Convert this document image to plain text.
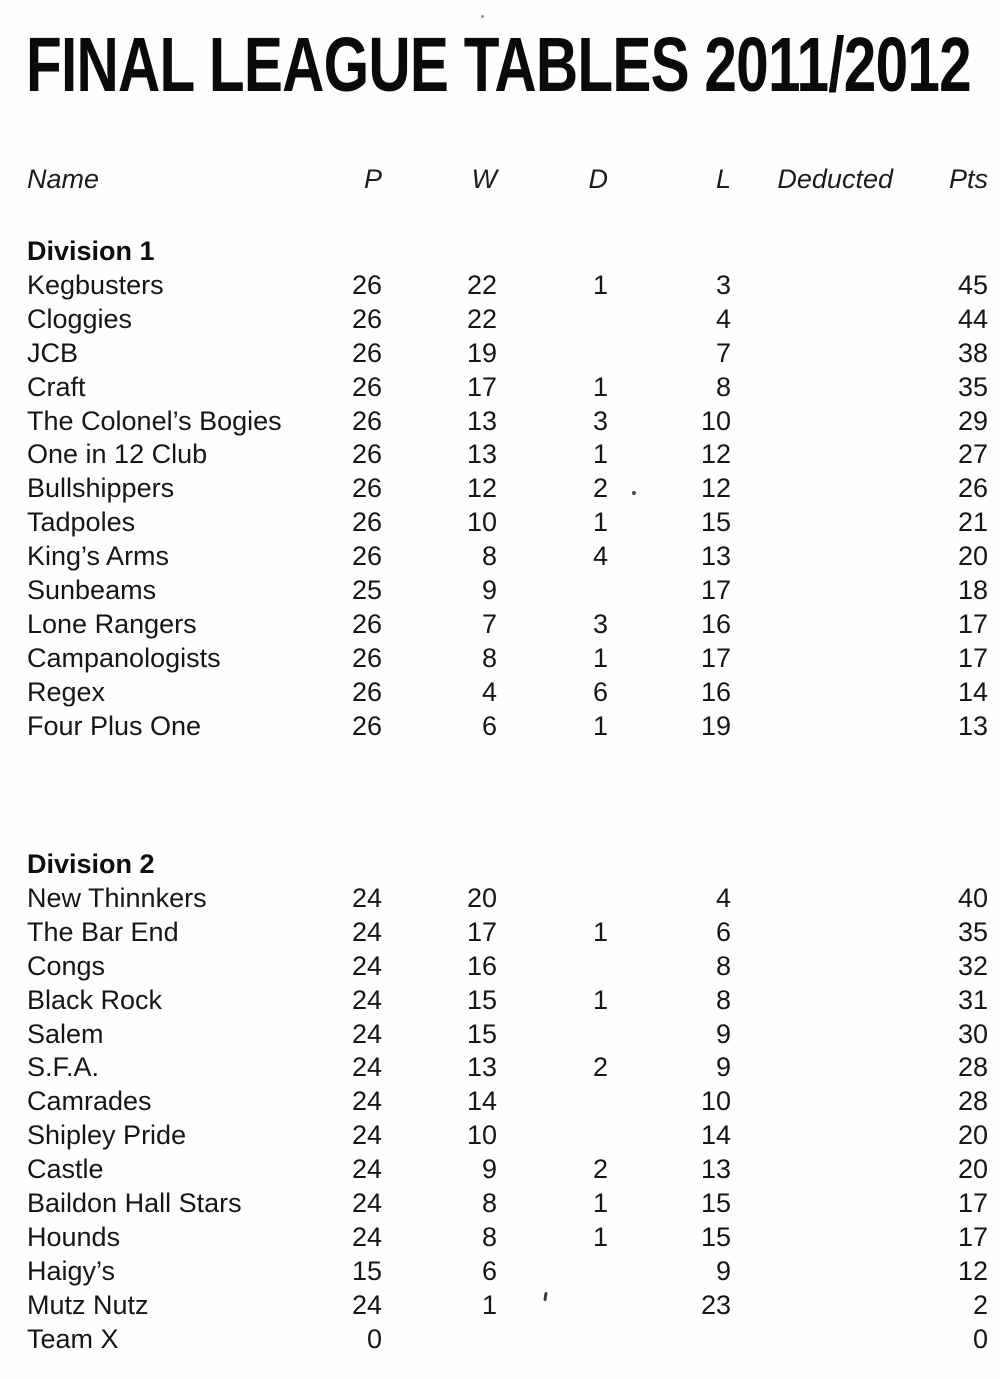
FINAL LEAGUE TABLES 2011/2012
Name	P	W	D	L	Deducted	Pts
Division 1						
Kegbusters	26	22	1	3		45
Cloggies	26	22		4		44
JCB	26	19		7		38
Craft	26	17	1	8		35
The Colonel’s Bogies	26	13	3	10		29
One in 12 Club	26	13	1	12		27
Bullshippers	26	12	2	12		26
Tadpoles	26	10	1	15		21
King’s Arms	26	8	4	13		20
Sunbeams	25	9		17		18
Lone Rangers	26	7	3	16		17
Campanologists	26	8	1	17		17
Regex	26	4	6	16		14
Four Plus One	26	6	1	19		13
Division 2						
New Thinnkers	24	20		4		40
The Bar End	24	17	1	6		35
Congs	24	16		8		32
Black Rock	24	15	1	8		31
Salem	24	15		9		30
S.F.A.	24	13	2	9		28
Camrades	24	14		10		28
Shipley Pride	24	10		14		20
Castle	24	9	2	13		20
Baildon Hall Stars	24	8	1	15		17
Hounds	24	8	1	15		17
Haigy’s	15	6		9		12
Mutz Nutz	24	1		23		2
Team X	0					0
